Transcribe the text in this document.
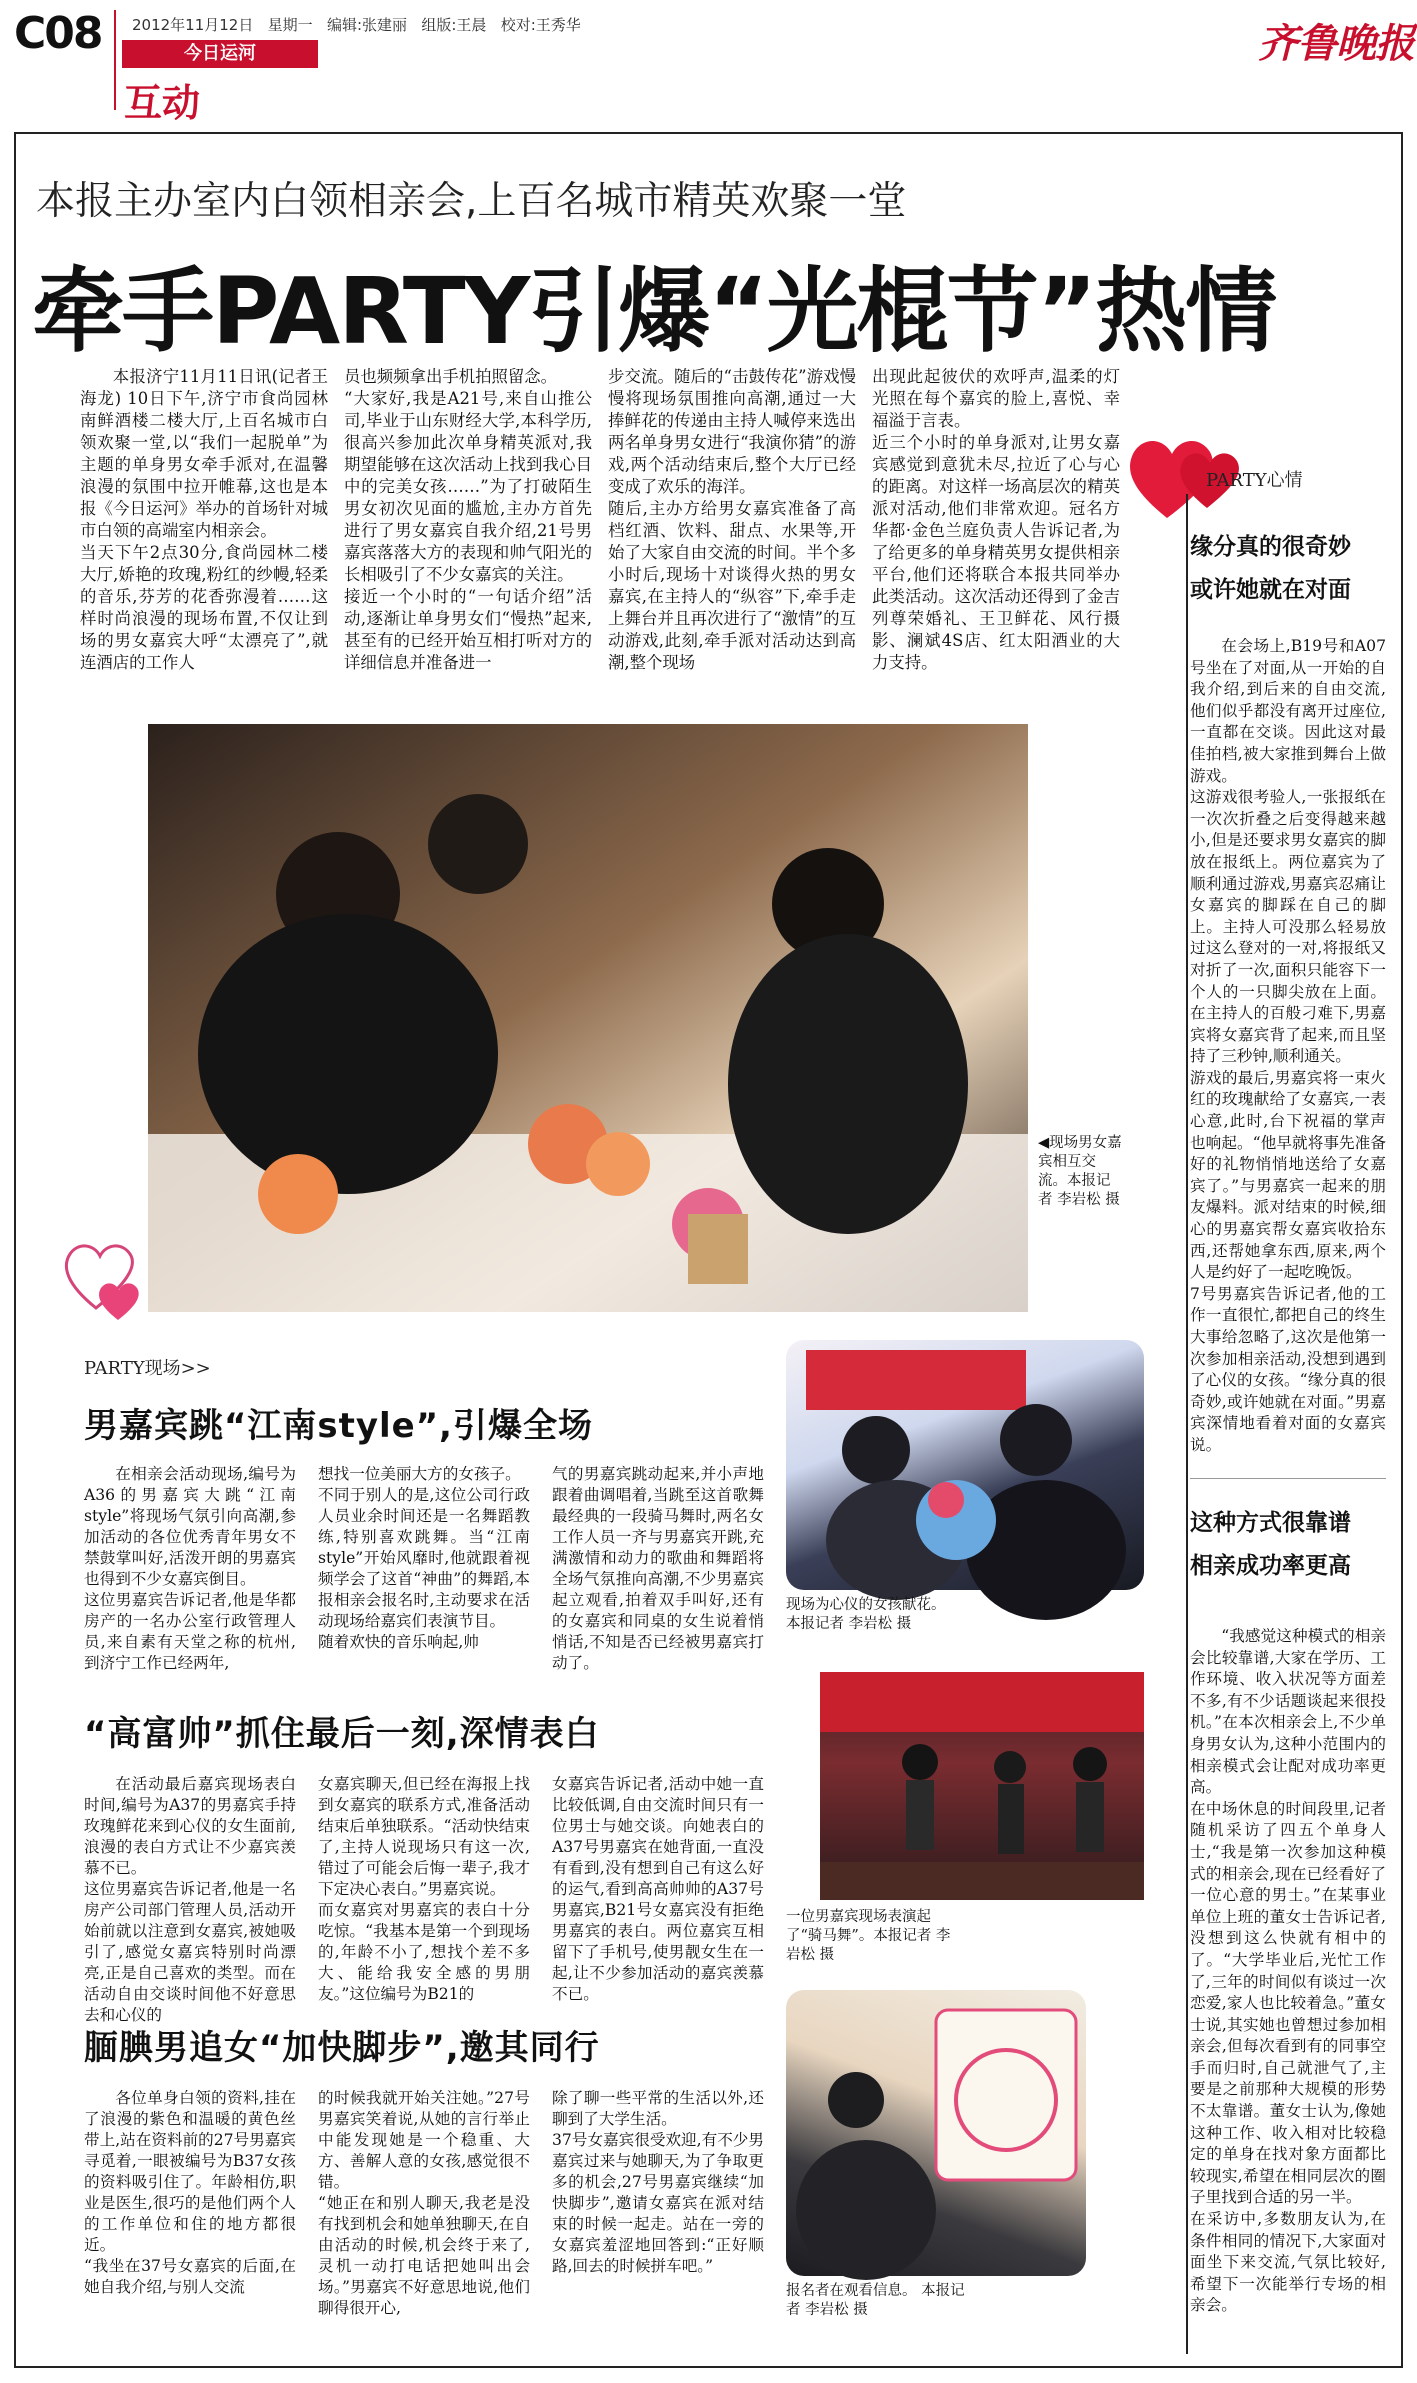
C08 2012年11月12日 星期一 编辑:张建丽 组版:王晨 校对:王秀华
今日运河
互动
齐鲁晚报
本报主办室内白领相亲会,上百名城市精英欢聚一堂
牵手PARTY引爆“光棍节”热情

本报济宁11月11日讯(记者王海龙) 10日下午,济宁市食尚园林南鲜酒楼二楼大厅,上百名城市白领欢聚一堂,以“我们一起脱单”为主题的单身男女牵手派对,在温馨浪漫的氛围中拉开帷幕,这也是本报《今日运河》举办的首场针对城市白领的高端室内相亲会。
当天下午2点30分,食尚园林二楼大厅,娇艳的玫瑰,粉红的纱幔,轻柔的音乐,芬芳的花香弥漫着……这样时尚浪漫的现场布置,不仅让到场的男女嘉宾大呼“太漂亮了”,就连酒店的工作人

员也频频拿出手机拍照留念。
“大家好,我是A21号,来自山推公司,毕业于山东财经大学,本科学历,很高兴参加此次单身精英派对,我期望能够在这次活动上找到我心目中的完美女孩……”为了打破陌生男女初次见面的尴尬,主办方首先进行了男女嘉宾自我介绍,21号男嘉宾落落大方的表现和帅气阳光的长相吸引了不少女嘉宾的关注。
接近一个小时的“一句话介绍”活动,逐渐让单身男女们“慢热”起来,甚至有的已经开始互相打听对方的详细信息并准备进一

步交流。随后的“击鼓传花”游戏慢慢将现场氛围推向高潮,通过一大捧鲜花的传递由主持人喊停来选出两名单身男女进行“我演你猜”的游戏,两个活动结束后,整个大厅已经变成了欢乐的海洋。
随后,主办方给男女嘉宾准备了高档红酒、饮料、甜点、水果等,开始了大家自由交流的时间。半个多小时后,现场十对谈得火热的男女嘉宾,在主持人的“纵容”下,牵手走上舞台并且再次进行了“激情”的互动游戏,此刻,牵手派对活动达到高潮,整个现场

出现此起彼伏的欢呼声,温柔的灯光照在每个嘉宾的脸上,喜悦、幸福溢于言表。
近三个小时的单身派对,让男女嘉宾感觉到意犹未尽,拉近了心与心的距离。对这样一场高层次的精英派对活动,他们非常欢迎。冠名方华都·金色兰庭负责人告诉记者,为了给更多的单身精英男女提供相亲平台,他们还将联合本报共同举办此类活动。这次活动还得到了金吉列尊荣婚礼、王卫鲜花、风行摄影、澜斌4S店、红太阳酒业的大力支持。

◀现场男女嘉宾相互交流。本报记者 李岩松 摄
PARTY心情
缘分真的很奇妙
或许她就在对面

在会场上,B19号和A07号坐在了对面,从一开始的自我介绍,到后来的自由交流,他们似乎都没有离开过座位,一直都在交谈。因此这对最佳拍档,被大家推到舞台上做游戏。
这游戏很考验人,一张报纸在一次次折叠之后变得越来越小,但是还要求男女嘉宾的脚放在报纸上。两位嘉宾为了顺利通过游戏,男嘉宾忍痛让女嘉宾的脚踩在自己的脚上。主持人可没那么轻易放过这么登对的一对,将报纸又对折了一次,面积只能容下一个人的一只脚尖放在上面。在主持人的百般刁难下,男嘉宾将女嘉宾背了起来,而且坚持了三秒钟,顺利通关。
游戏的最后,男嘉宾将一束火红的玫瑰献给了女嘉宾,一表心意,此时,台下祝福的掌声也响起。“他早就将事先准备好的礼物悄悄地送给了女嘉宾了。”与男嘉宾一起来的朋友爆料。派对结束的时候,细心的男嘉宾帮女嘉宾收拾东西,还帮她拿东西,原来,两个人是约好了一起吃晚饭。
7号男嘉宾告诉记者,他的工作一直很忙,都把自己的终生大事给忽略了,这次是他第一次参加相亲活动,没想到遇到了心仪的女孩。“缘分真的很奇妙,或许她就在对面。”男嘉宾深情地看着对面的女嘉宾说。

这种方式很靠谱
相亲成功率更高

“我感觉这种模式的相亲会比较靠谱,大家在学历、工作环境、收入状况等方面差不多,有不少话题谈起来很投机。”在本次相亲会上,不少单身男女认为,这种小范围内的相亲模式会让配对成功率更高。
在中场休息的时间段里,记者随机采访了四五个单身人士,“我是第一次参加这种模式的相亲会,现在已经看好了一位心意的男士。”在某事业单位上班的董女士告诉记者,没想到这么快就有相中的了。“大学毕业后,光忙工作了,三年的时间似有谈过一次恋爱,家人也比较着急。”董女士说,其实她也曾想过参加相亲会,但每次看到有的同事空手而归时,自己就泄气了,主要是之前那种大规模的形势不太靠谱。董女士认为,像她这种工作、收入相对比较稳定的单身在找对象方面都比较现实,希望在相同层次的圈子里找到合适的另一半。
在采访中,多数朋友认为,在条件相同的情况下,大家面对面坐下来交流,气氛比较好,希望下一次能举行专场的相亲会。

PARTY现场>>
男嘉宾跳“江南style”,引爆全场

在相亲会活动现场,编号为A36的男嘉宾大跳“江南style”将现场气氛引向高潮,参加活动的各位优秀青年男女不禁鼓掌叫好,活泼开朗的男嘉宾也得到不少女嘉宾倒目。
这位男嘉宾告诉记者,他是华都房产的一名办公室行政管理人员,来自素有天堂之称的杭州,到济宁工作已经两年,

想找一位美丽大方的女孩子。
不同于别人的是,这位公司行政人员业余时间还是一名舞蹈教练,特别喜欢跳舞。当“江南style”开始风靡时,他就跟着视频学会了这首“神曲”的舞蹈,本报相亲会报名时,主动要求在活动现场给嘉宾们表演节目。
随着欢快的音乐响起,帅

气的男嘉宾跳动起来,并小声地跟着曲调唱着,当跳至这首歌舞最经典的一段骑马舞时,两名女工作人员一齐与男嘉宾开跳,充满激情和动力的歌曲和舞蹈将全场气氛推向高潮,不少男嘉宾起立观看,拍着双手叫好,还有的女嘉宾和同桌的女生说着悄悄话,不知是否已经被男嘉宾打动了。

“高富帅”抓住最后一刻,深情表白

在活动最后嘉宾现场表白时间,编号为A37的男嘉宾手持玫瑰鲜花来到心仪的女生面前,浪漫的表白方式让不少嘉宾羡慕不已。
这位男嘉宾告诉记者,他是一名房产公司部门管理人员,活动开始前就以注意到女嘉宾,被她吸引了,感觉女嘉宾特别时尚漂亮,正是自己喜欢的类型。而在活动自由交谈时间他不好意思去和心仪的

女嘉宾聊天,但已经在海报上找到女嘉宾的联系方式,准备活动结束后单独联系。“活动快结束了,主持人说现场只有这一次,错过了可能会后悔一辈子,我才下定决心表白。”男嘉宾说。
而女嘉宾对男嘉宾的表白十分吃惊。“我基本是第一个到现场的,年龄不小了,想找个差不多大、能给我安全感的男朋友。”这位编号为B21的

女嘉宾告诉记者,活动中她一直比较低调,自由交流时间只有一位男士与她交谈。向她表白的A37号男嘉宾在她背面,一直没有看到,没有想到自己有这么好的运气,看到高高帅帅的A37号男嘉宾,B21号女嘉宾没有拒绝男嘉宾的表白。两位嘉宾互相留下了手机号,使男靓女生在一起,让不少参加活动的嘉宾羡慕不已。

腼腆男追女“加快脚步”,邀其同行

各位单身白领的资料,挂在了浪漫的紫色和温暖的黄色丝带上,站在资料前的27号男嘉宾寻觅着,一眼被编号为B37女孩的资料吸引住了。年龄相仿,职业是医生,很巧的是他们两个人的工作单位和住的地方都很近。
“我坐在37号女嘉宾的后面,在她自我介绍,与别人交流

的时候我就开始关注她。”27号男嘉宾笑着说,从她的言行举止中能发现她是一个稳重、大方、善解人意的女孩,感觉很不错。
“她正在和别人聊天,我老是没有找到机会和她单独聊天,在自由活动的时候,机会终于来了,灵机一动打电话把她叫出会场。”男嘉宾不好意思地说,他们聊得很开心,

除了聊一些平常的生活以外,还聊到了大学生活。
37号女嘉宾很受欢迎,有不少男嘉宾过来与她聊天,为了争取更多的机会,27号男嘉宾继续“加快脚步”,邀请女嘉宾在派对结束的时候一起走。站在一旁的女嘉宾羞涩地回答到:“正好顺路,回去的时候拼车吧。”

现场为心仪的女孩献花。 本报记者 李岩松 摄
一位男嘉宾现场表演起了“骑马舞”。本报记者 李岩松 摄
报名者在观看信息。 本报记者 李岩松 摄
